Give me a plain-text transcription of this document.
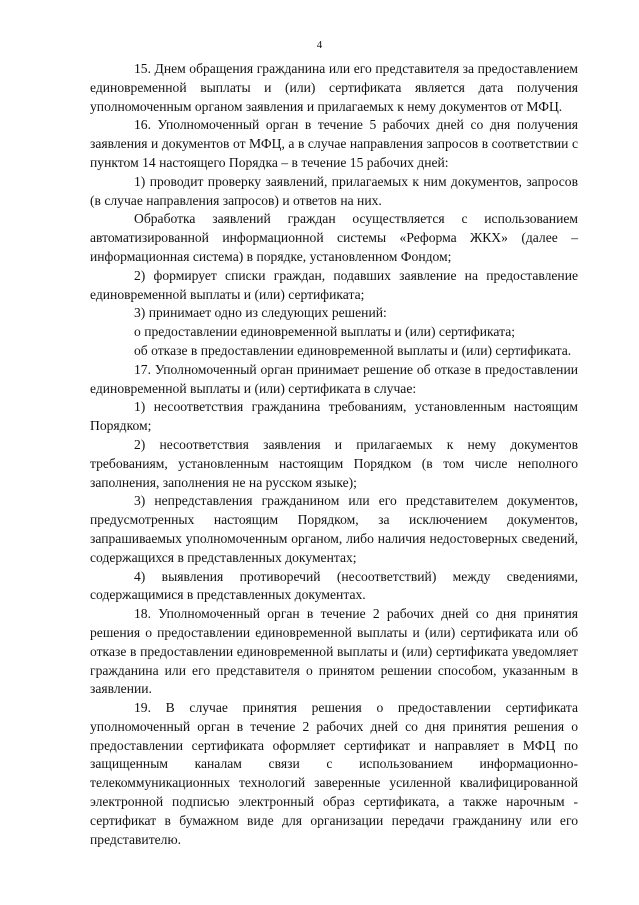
4

15. Днем обращения гражданина или его представителя за предоставлением единовременной выплаты и (или) сертификата является дата получения уполномоченным органом заявления и прилагаемых к нему документов от МФЦ.

16. Уполномоченный орган в течение 5 рабочих дней со дня получения заявления и документов от МФЦ, а в случае направления запросов в соответствии с пунктом 14 настоящего Порядка – в течение 15 рабочих дней:

1) проводит проверку заявлений, прилагаемых к ним документов, запросов (в случае направления запросов) и ответов на них.

Обработка заявлений граждан осуществляется с использованием автоматизированной информационной системы «Реформа ЖКХ» (далее – информационная система) в порядке, установленном Фондом;

2) формирует списки граждан, подавших заявление на предоставление единовременной выплаты и (или) сертификата;

3) принимает одно из следующих решений:

о предоставлении единовременной выплаты и (или) сертификата;

об отказе в предоставлении единовременной выплаты и (или) сертификата.

17. Уполномоченный орган принимает решение об отказе в предоставлении единовременной выплаты и (или) сертификата в случае:

1) несоответствия гражданина требованиям, установленным настоящим Порядком;

2) несоответствия заявления и прилагаемых к нему документов требованиям, установленным настоящим Порядком (в том числе неполного заполнения, заполнения не на русском языке);

3) непредставления гражданином или его представителем документов, предусмотренных настоящим Порядком, за исключением документов, запрашиваемых уполномоченным органом, либо наличия недостоверных сведений, содержащихся в представленных документах;

4) выявления противоречий (несоответствий) между сведениями, содержащимися в представленных документах.

18. Уполномоченный орган в течение 2 рабочих дней со дня принятия решения о предоставлении единовременной выплаты и (или) сертификата или об отказе в предоставлении единовременной выплаты и (или) сертификата уведомляет гражданина или его представителя о принятом решении способом, указанным в заявлении.

19. В случае принятия решения о предоставлении сертификата уполномоченный орган в течение 2 рабочих дней со дня принятия решения о предоставлении сертификата оформляет сертификат и направляет в МФЦ по защищенным каналам связи с использованием информационно-телекоммуникационных технологий заверенные усиленной квалифицированной электронной подписью электронный образ сертификата, а также нарочным - сертификат в бумажном виде для организации передачи гражданину или его представителю.
